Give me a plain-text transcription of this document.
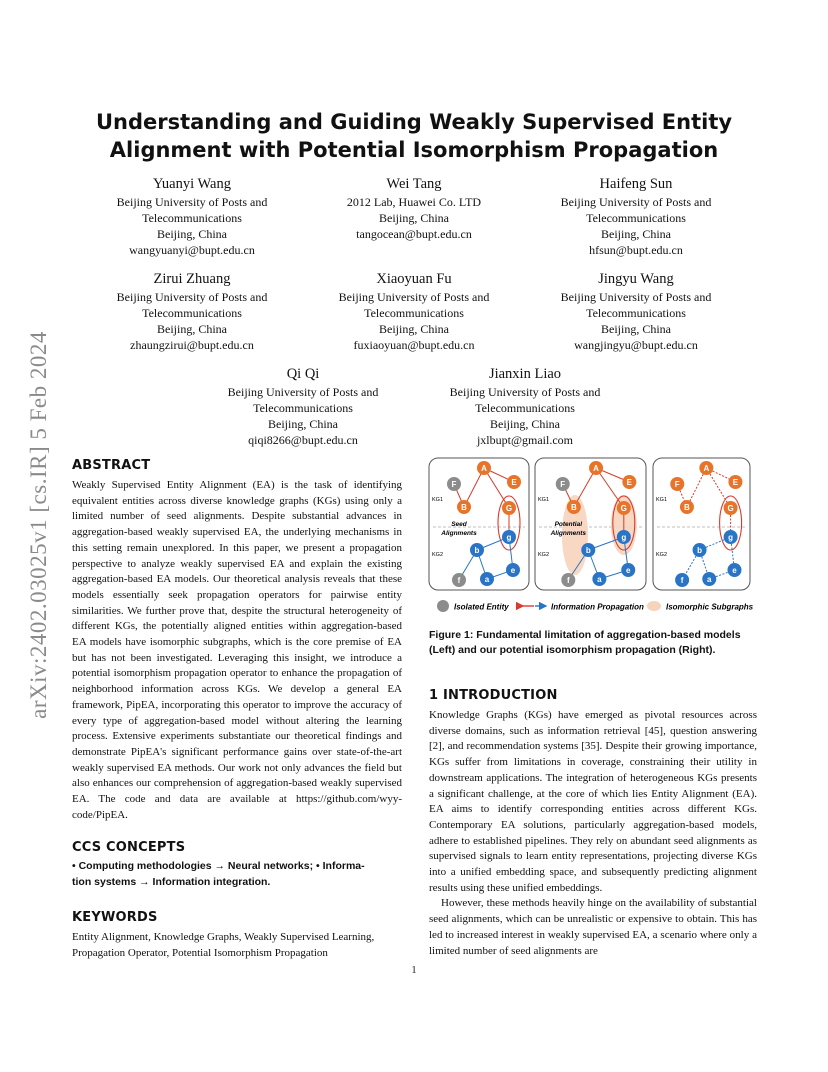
arXiv:2402.03025v1 [cs.IR] 5 Feb 2024
Understanding and Guiding Weakly Supervised Entity Alignment with Potential Isomorphism Propagation
Yuanyi Wang
Beijing University of Posts and
Telecommunications
Beijing, China
wangyuanyi@bupt.edu.cn
Wei Tang
2012 Lab, Huawei Co. LTD
Beijing, China
tangocean@bupt.edu.cn
Haifeng Sun
Beijing University of Posts and
Telecommunications
Beijing, China
hfsun@bupt.edu.cn
Zirui Zhuang
Beijing University of Posts and
Telecommunications
Beijing, China
zhaungzirui@bupt.edu.cn
Xiaoyuan Fu
Beijing University of Posts and
Telecommunications
Beijing, China
fuxiaoyuan@bupt.edu.cn
Jingyu Wang
Beijing University of Posts and
Telecommunications
Beijing, China
wangjingyu@bupt.edu.cn
Qi Qi
Beijing University of Posts and
Telecommunications
Beijing, China
qiqi8266@bupt.edu.cn
Jianxin Liao
Beijing University of Posts and
Telecommunications
Beijing, China
jxlbupt@gmail.com
ABSTRACT

Weakly Supervised Entity Alignment (EA) is the task of identifying equivalent entities across diverse knowledge graphs (KGs) using only a limited number of seed alignments. Despite substantial advances in aggregation-based weakly supervised EA, the underlying mechanisms in this setting remain unexplored. In this paper, we present a propagation perspective to analyze weakly supervised EA and explain the existing aggregation-based EA models. Our theoretical analysis reveals that these models essentially seek propagation operators for pairwise entity similarities. We further prove that, despite the structural heterogeneity of different KGs, the potentially aligned entities within aggregation-based EA models have isomorphic subgraphs, which is the core premise of EA but has not been investigated. Leveraging this insight, we introduce a potential isomorphism propagation operator to enhance the propagation of neighborhood information across KGs. We develop a general EA framework, PipEA, incorporating this operator to improve the accuracy of every type of aggregation-based model without altering the learning process. Extensive experiments substantiate our theoretical findings and demonstrate PipEA's significant performance gains over state-of-the-art weakly supervised EA methods. Our work not only advances the field but also enhances our comprehension of aggregation-based weakly supervised EA. The code and data are available at https://github.com/wyy-code/PipEA.

CCS CONCEPTS

• Computing methodologies → Neural networks; • Informa-
tion systems → Information integration.

KEYWORDS

Entity Alignment, Knowledge Graphs, Weakly Supervised Learning, Propagation Operator, Potential Isomorphism Propagation

KG1
KG2
Seed
Alignments
A
E
F
B	G
b
g
a
e
f
KG1
KG2
Potential
Alignments
A
E
F
B	G
b
g
a
e
f
KG1
KG2
A
E
F
B	G
b
g
a
e
f
Isolated Entity	Information Propagation	Isomorphic Subgraphs

Figure 1: Fundamental limitation of aggregation-based models (Left) and our potential isomorphism propagation (Right).

1 INTRODUCTION

Knowledge Graphs (KGs) have emerged as pivotal resources across diverse domains, such as information retrieval [45], question answering [2], and recommendation systems [35]. Despite their growing importance, KGs suffer from limitations in coverage, constraining their utility in downstream applications. The integration of heterogeneous KGs presents a significant challenge, at the core of which lies Entity Alignment (EA). EA aims to identify corresponding entities across different KGs. Contemporary EA solutions, particularly aggregation-based models, adhere to established pipelines. They rely on abundant seed alignments as supervised signals to learn entity representations, projecting diverse KGs into a unified embedding space, and subsequently predicting alignment results using these unified embeddings.

However, these methods heavily hinge on the availability of substantial seed alignments, which can be unrealistic or expensive to obtain. This has led to increased interest in weakly supervised EA, a scenario where only a limited number of seed alignments are

1
